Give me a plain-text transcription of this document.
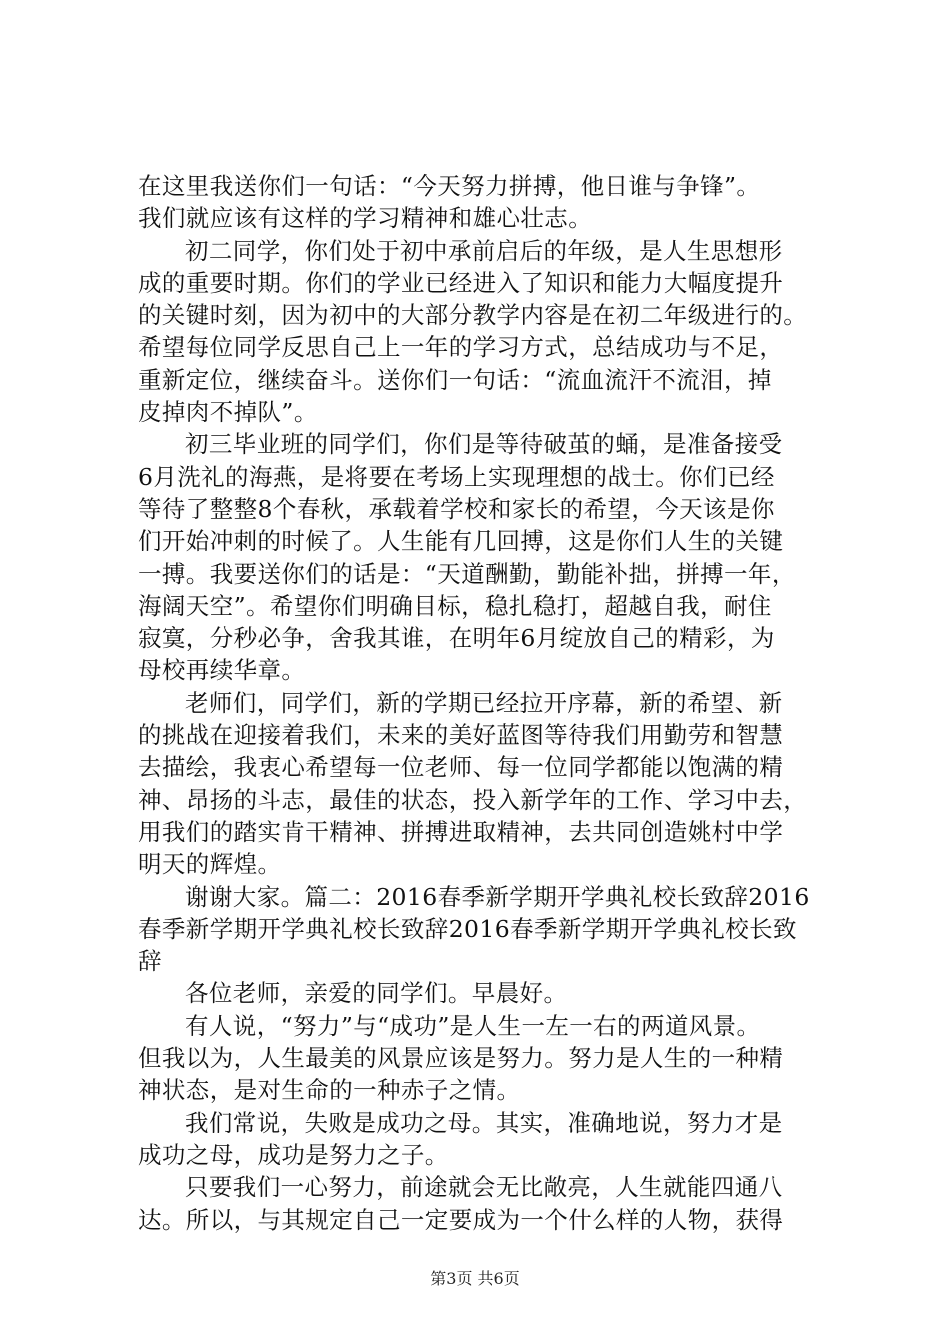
在这里我送你们一句话：“今天努力拼搏，他日谁与争锋”。
我们就应该有这样的学习精神和雄心壮志。
初二同学，你们处于初中承前启后的年级，是人生思想形
成的重要时期。你们的学业已经进入了知识和能力大幅度提升
的关键时刻，因为初中的大部分教学内容是在初二年级进行的。
希望每位同学反思自己上一年的学习方式，总结成功与不足，
重新定位，继续奋斗。送你们一句话：“流血流汗不流泪，掉
皮掉肉不掉队”。
初三毕业班的同学们，你们是等待破茧的蛹，是准备接受
6月洗礼的海燕，是将要在考场上实现理想的战士。你们已经
等待了整整8个春秋，承载着学校和家长的希望，今天该是你
们开始冲刺的时候了。人生能有几回搏，这是你们人生的关键
一搏。我要送你们的话是：“天道酬勤，勤能补拙，拼搏一年，
海阔天空”。希望你们明确目标，稳扎稳打，超越自我，耐住
寂寞，分秒必争，舍我其谁，在明年6月绽放自己的精彩，为
母校再续华章。
老师们，同学们，新的学期已经拉开序幕，新的希望、新
的挑战在迎接着我们，未来的美好蓝图等待我们用勤劳和智慧
去描绘，我衷心希望每一位老师、每一位同学都能以饱满的精
神、昂扬的斗志，最佳的状态，投入新学年的工作、学习中去，
用我们的踏实肯干精神、拼搏进取精神，去共同创造姚村中学
明天的辉煌。
谢谢大家。篇二：2016春季新学期开学典礼校长致辞2016
春季新学期开学典礼校长致辞2016春季新学期开学典礼校长致
辞
各位老师，亲爱的同学们。早晨好。
有人说，“努力”与“成功”是人生一左一右的两道风景。
但我以为，人生最美的风景应该是努力。努力是人生的一种精
神状态，是对生命的一种赤子之情。
我们常说，失败是成功之母。其实，准确地说，努力才是
成功之母，成功是努力之子。
只要我们一心努力，前途就会无比敞亮，人生就能四通八
达。所以，与其规定自己一定要成为一个什么样的人物，获得
第3页 共6页
